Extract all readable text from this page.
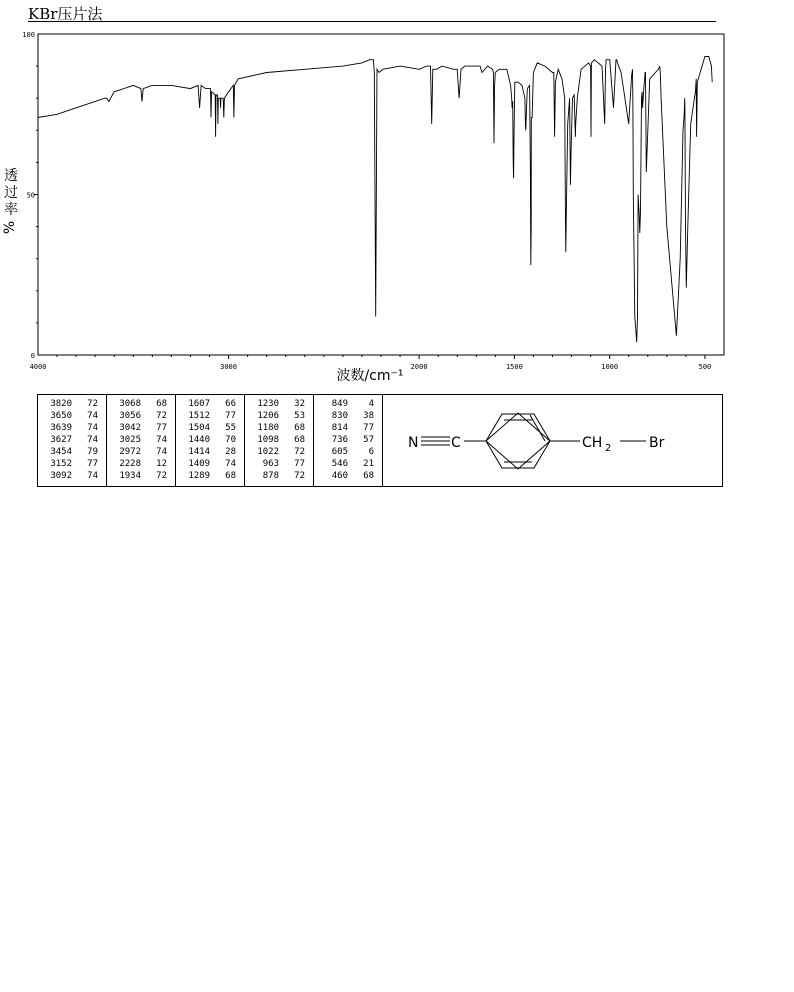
KBr压片法
透
过
率
%
4000	3000	2000	1500	1000	500
0
50
100
波数/cm⁻¹
3820	72
3650	74
3639	74
3627	74
3454	79
3152	77
3092	74
3068	68
3056	72
3042	77
3025	74
2972	74
2228	12
1934	72
1607	66
1512	77
1504	55
1440	70
1414	28
1409	74
1289	68
1230	32
1206	53
1180	68
1098	68
1022	72
963	77
878	72
849	4
830	38
814	77
736	57
605	6
546	21
460	68
N C	CH 2	Br
